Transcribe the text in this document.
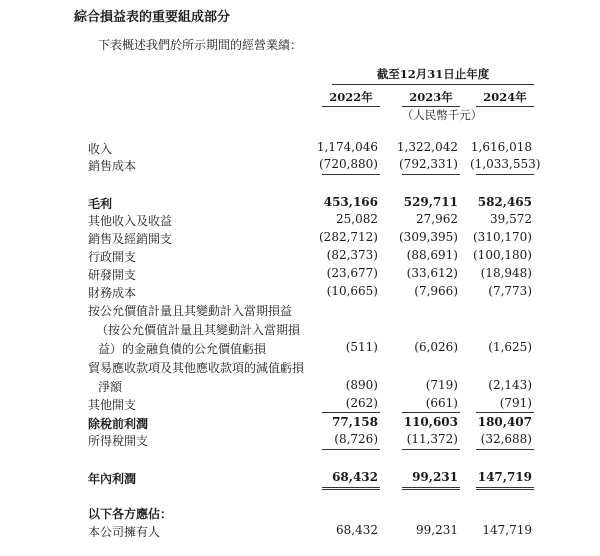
綜合損益表的重要組成部分
下表概述我們於所示期間的經營業績：
截至12月31日止年度
2022年	2023年	2024年
（人民幣千元）
收入	1,174,046 1,322,042 1,616,018
銷售成本	(720,880) (792,331) (1,033,553)
毛利	453,166	529,711	582,465
其他收入及收益	25,082	27,962	39,572
銷售及經銷開支	(282,712) (309,395) (310,170)
行政開支	(82,373)	(88,691) (100,180)
研發開支	(23,677)	(33,612)	(18,948)
財務成本	(10,665)	(7,966)	(7,773)
按公允價值計量且其變動計入當期損益
（按公允價值計量且其變動計入當期損
益）的金融負債的公允價值虧損	(511)	(6,026)	(1,625)
貿易應收款項及其他應收款項的減值虧損
淨額	(890)	(719)	(2,143)
其他開支	(262)	(661)	(791)
除稅前利潤	77,158	110,603	180,407
所得稅開支	(8,726)	(11,372)	(32,688)
年內利潤	68,432	99,231	147,719
以下各方應佔：
本公司擁有人	68,432	99,231	147,719
